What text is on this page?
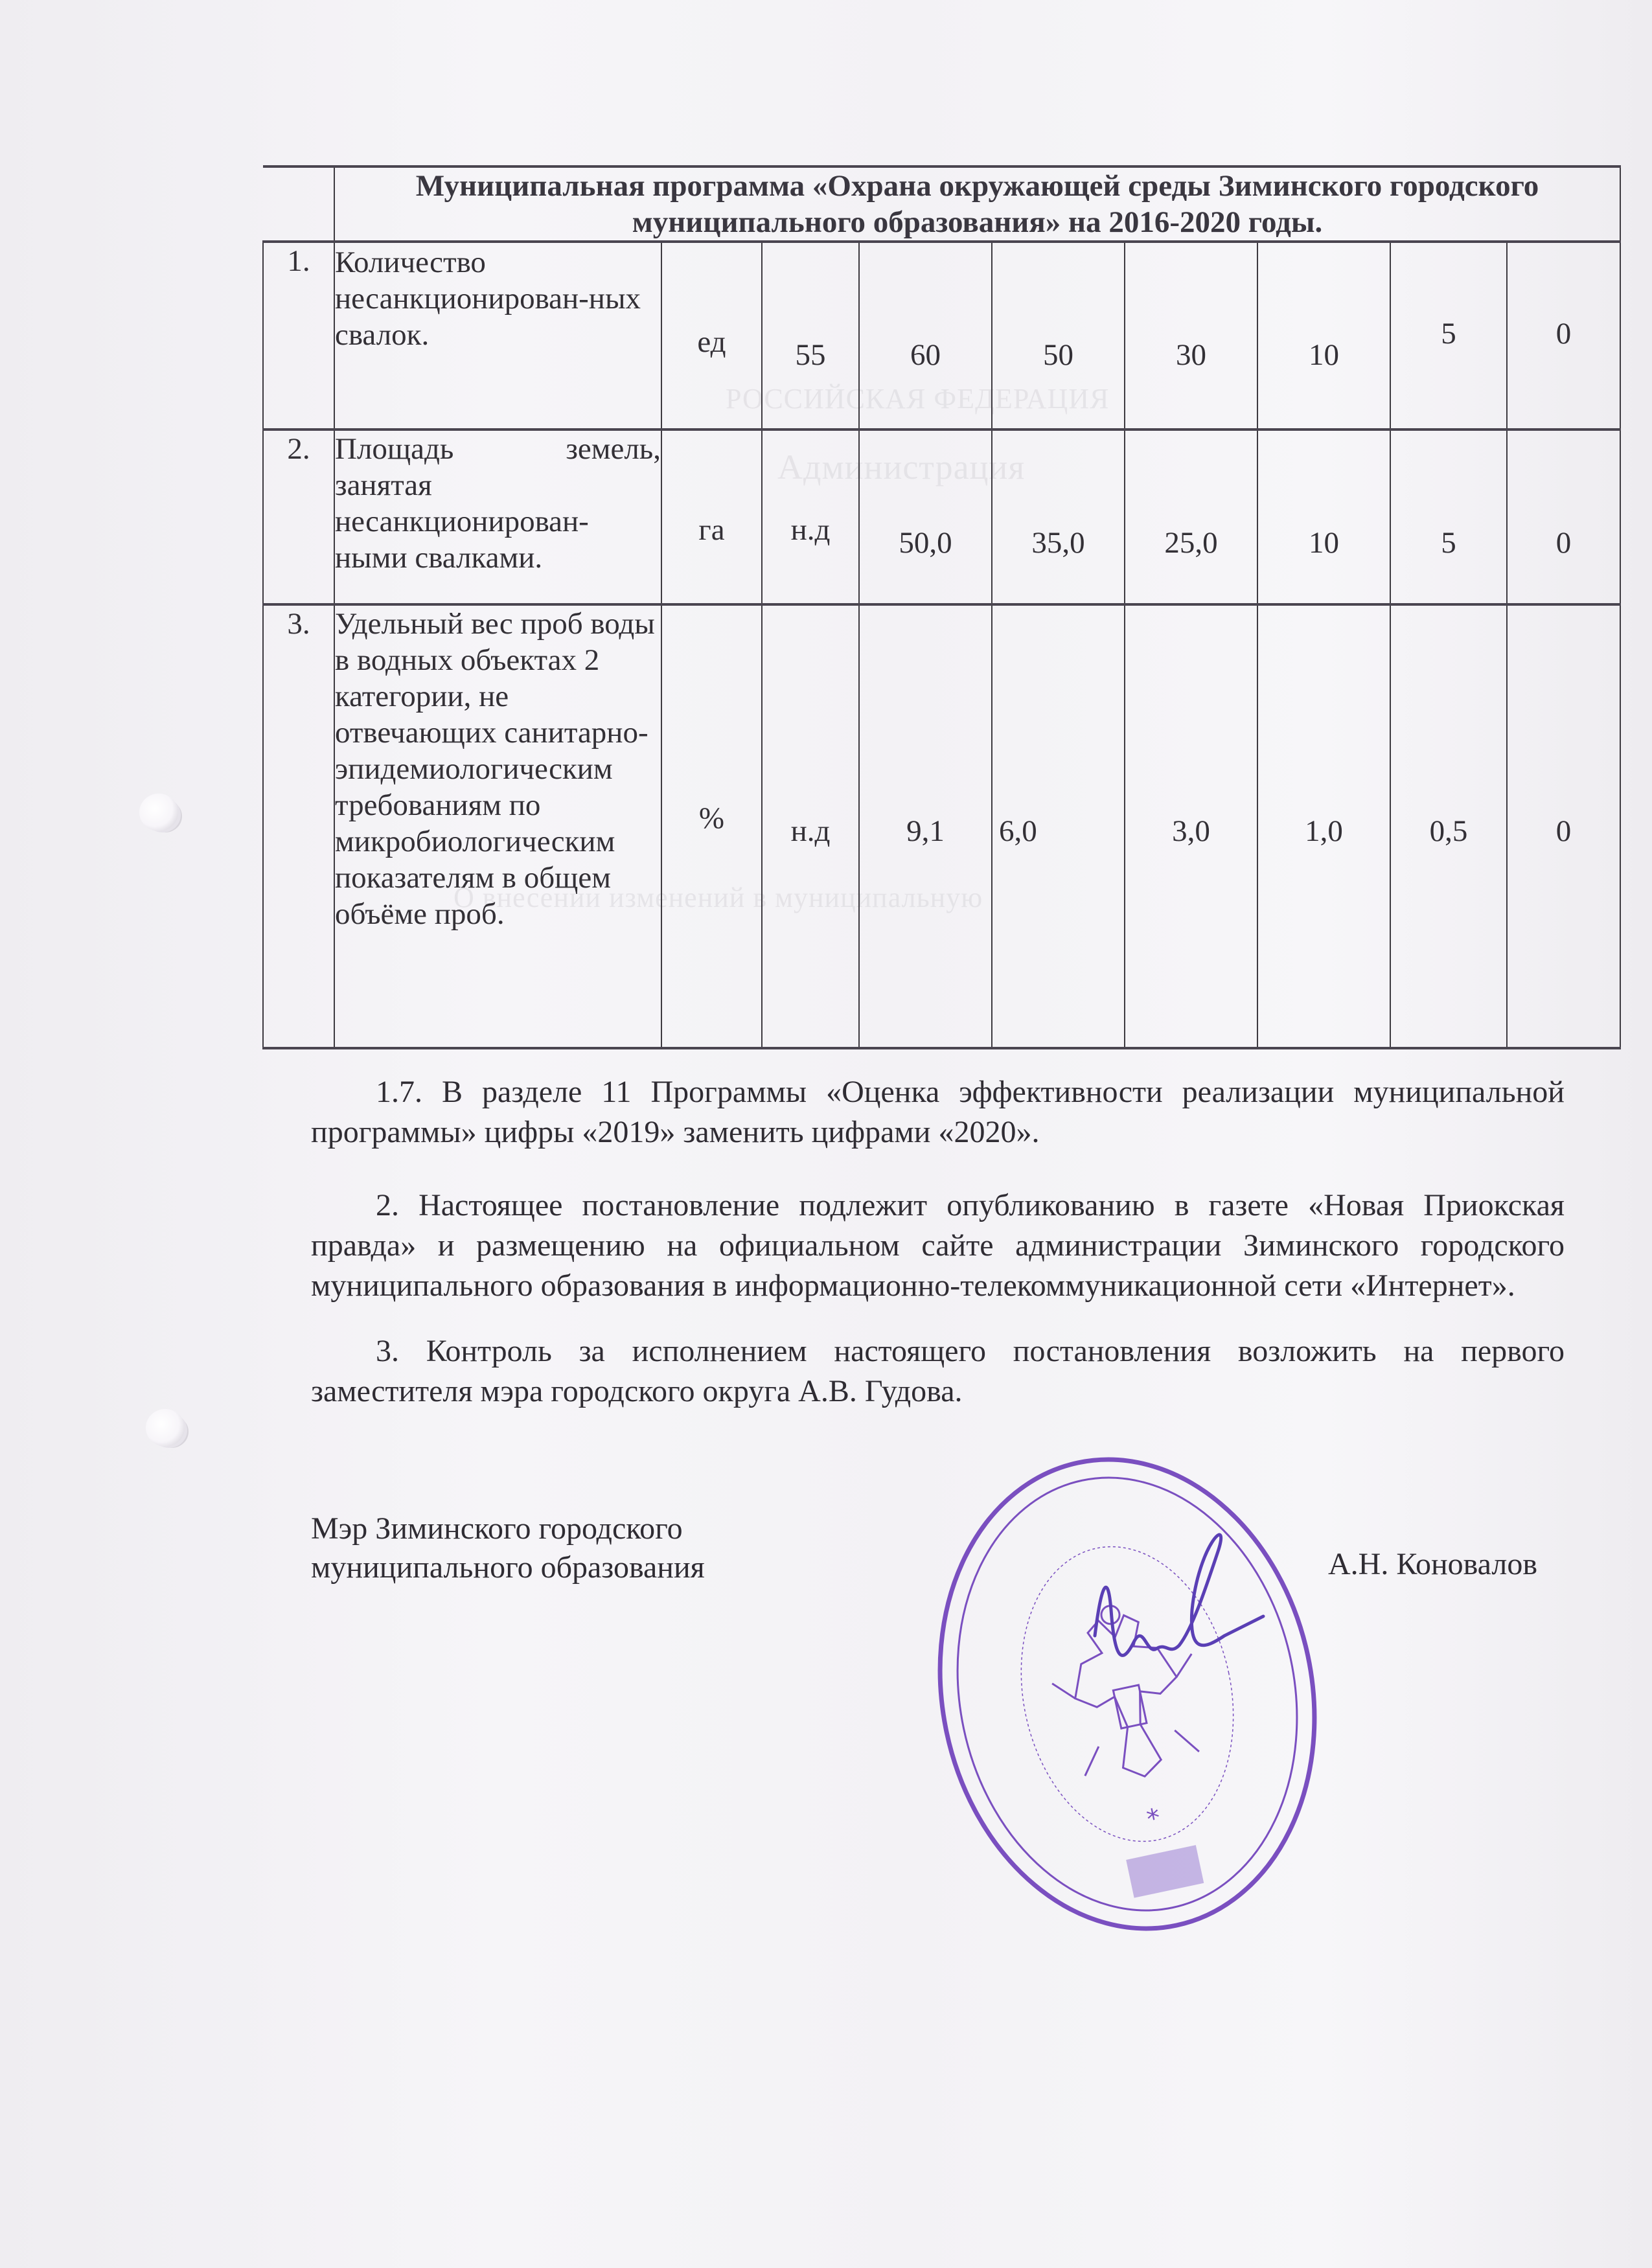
РОССИЙСКАЯ ФЕДЕРАЦИЯ
Администрация
О внесении изменений в муниципальную
	Муниципальная программа «Охрана окружающей среды Зиминского городского муниципального образования» на 2016-2020 годы.								
1.	Количество несанкционирован-ных свалок.	ед	55	60	50	30	10	5	0
2.	Площадь земель, занятая несанкционирован-ными свалками.	га	н.д	50,0	35,0	25,0	10	5	0
3.	Удельный вес проб воды в водных объектах 2 категории, не отвечающих санитарно-эпидемиологическим требованиям по микробиологическим показателям в общем объёме проб.	%	н.д	9,1	6,0	3,0	1,0	0,5	0
1.7. В разделе 11 Программы «Оценка эффективности реализации муниципальной программы» цифры «2019» заменить цифрами «2020».
2. Настоящее постановление подлежит опубликованию в газете «Новая Приокская правда» и размещению на официальном сайте администрации Зиминского городского муниципального образования в информационно-телекоммуникационной сети «Интернет».
3. Контроль за исполнением настоящего постановления возложить на первого заместителя мэра городского округа А.В. Гудова.
Мэр Зиминского городского
муниципального образования	А.Н. Коновалов
*
